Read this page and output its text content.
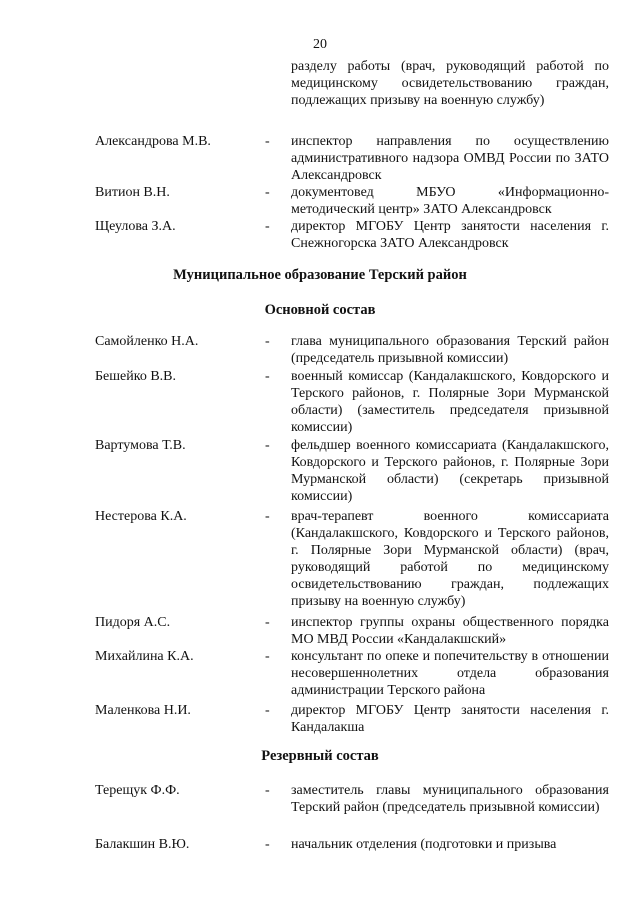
20
разделу работы (врач, руководящий работой по медицинскому освидетельствованию граждан, подлежащих призыву на военную службу)
Александрова М.В.	- инспектор направления по осуществлению административного надзора ОМВД России по ЗАТО Александровск
Витион В.Н.	- документовед МБУО «Информационно-методический центр» ЗАТО Александровск
Щеулова З.А.	- директор МГОБУ Центр занятости населения г. Снежногорска ЗАТО Александровск
Муниципальное образование Терский район
Основной состав
Самойленко Н.А.	- глава муниципального образования Терский район (председатель призывной комиссии)
Бешейко В.В.	- военный комиссар (Кандалакшского, Ковдорского и Терского районов, г. Полярные Зори Мурманской области) (заместитель председателя призывной комиссии)
Вартумова Т.В.	- фельдшер военного комиссариата (Кандалакшского, Ковдорского и Терского районов, г. Полярные Зори Мурманской области) (секретарь призывной комиссии)
Нестерова К.А.	- врач-терапевт военного комиссариата (Кандалакшского, Ковдорского и Терского районов, г. Полярные Зори Мурманской области) (врач, руководящий работой по медицинскому освидетельствованию граждан, подлежащих призыву на военную службу)
Пидоря А.С.	- инспектор группы охраны общественного порядка МО МВД России «Кандалакшский»
Михайлина К.А.	- консультант по опеке и попечительству в отношении несовершеннолетних отдела образования администрации Терского района
Маленкова Н.И.	- директор МГОБУ Центр занятости населения г. Кандалакша
Резервный состав
Терещук Ф.Ф.	- заместитель главы муниципального образования Терский район (председатель призывной комиссии)
Балакшин В.Ю.	- начальник отделения (подготовки и призыва
